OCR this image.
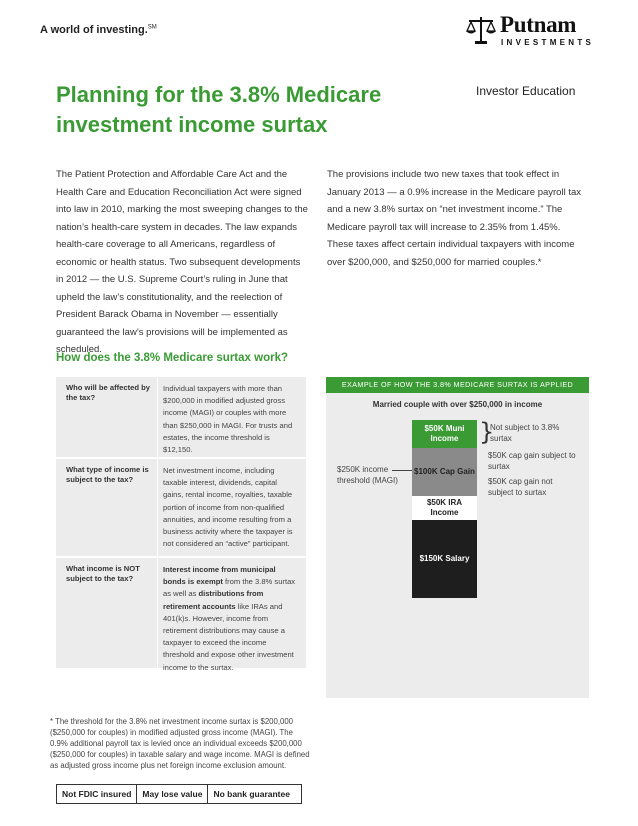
A world of investing.℠	Putnam
INVESTMENTS
Investor Education
Planning for the 3.8% Medicare investment income surtax
The Patient Protection and Affordable Care Act and the Health Care and Education Reconciliation Act were signed into law in 2010, marking the most sweeping changes to the nation’s health-care system in decades. The law expands health-care coverage to all Americans, regardless of economic or health status. Two subsequent developments in 2012 — the U.S. Supreme Court’s ruling in June that upheld the law’s constitutionality, and the reelection of President Barack Obama in November — essentially guaranteed the law’s provisions will be implemented as scheduled.
The provisions include two new taxes that took effect in January 2013 — a 0.9% increase in the Medicare payroll tax and a new 3.8% surtax on “net investment income.” The Medicare payroll tax will increase to 2.35% from 1.45%. These taxes affect certain individual taxpayers with income over $200,000, and $250,000 for married couples.*
How does the 3.8% Medicare surtax work?
Who will be affected by the tax?
Individual taxpayers with more than $200,000 in modified adjusted gross income (MAGI) or couples with more than $250,000 in MAGI. For trusts and estates, the income threshold is $12,150.
What type of income is subject to the tax?
Net investment income, including taxable interest, dividends, capital gains, rental income, royalties, taxable portion of income from non-qualified annuities, and income resulting from a business activity where the taxpayer is not considered an “active” participant.
What income is NOT subject to the tax?
Interest income from municipal bonds is exempt from the 3.8% surtax as well as distributions from retirement accounts like IRAs and 401(k)s. However, income from retirement distributions may cause a taxpayer to exceed the income threshold and expose other investment income to the surtax.
EXAMPLE OF HOW THE 3.8% MEDICARE SURTAX IS APPLIED
Married couple with over $250,000 in income
$50K Muni Income
$100K Cap Gain
$50K IRA Income
$150K Salary
$250K income threshold (MAGI)
}
Not subject to 3.8% surtax
$50K cap gain subject to surtax
$50K cap gain not subject to surtax
* The threshold for the 3.8% net investment income surtax is $200,000 ($250,000 for couples) in modified adjusted gross income (MAGI). The 0.9% additional payroll tax is levied once an individual exceeds $200,000 ($250,000 for couples) in taxable salary and wage income. MAGI is defined as adjusted gross income plus net foreign income exclusion amount.
Not FDIC insured	May lose value	No bank guarantee
